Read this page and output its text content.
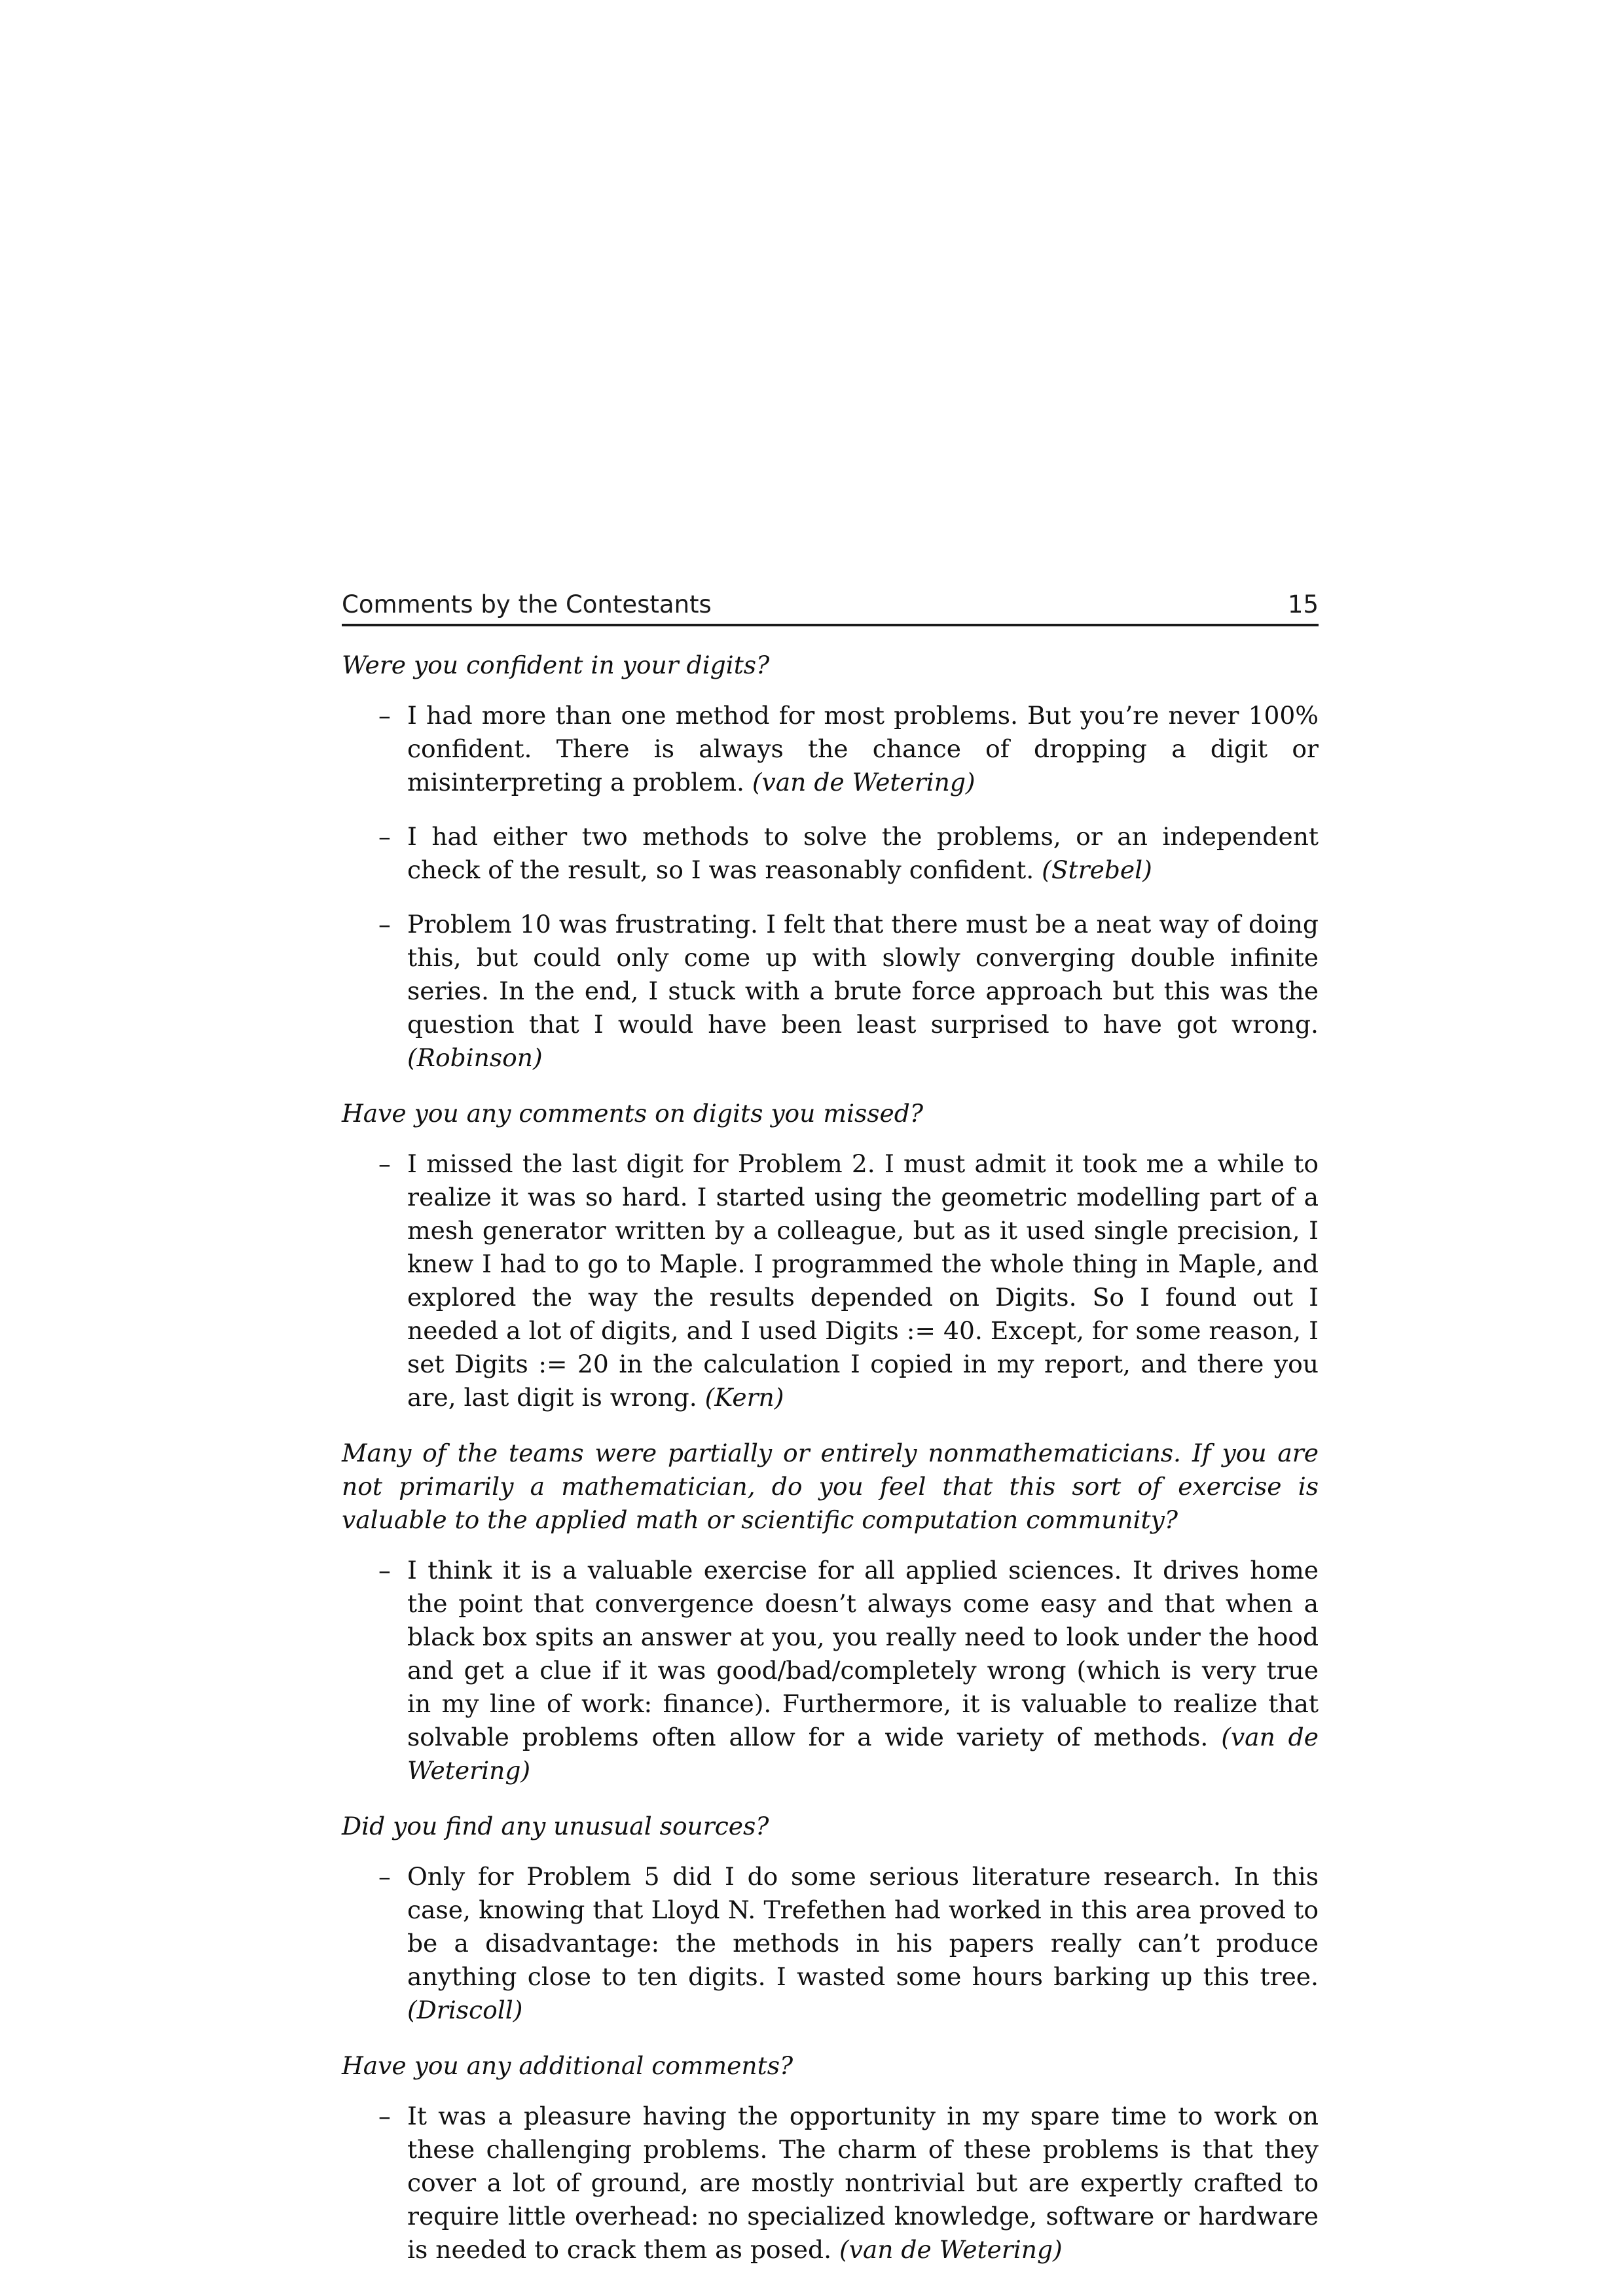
Comments by the Contestants	15

Were you confident in your digits?

– I had more than one method for most problems. But you’re never 100% confident. There is always the chance of dropping a digit or misinterpreting a problem. (van de Wetering)
– I had either two methods to solve the problems, or an independent check of the result, so I was reasonably confident. (Strebel)
– Problem 10 was frustrating. I felt that there must be a neat way of doing this, but could only come up with slowly converging double infinite series. In the end, I stuck with a brute force approach but this was the question that I would have been least surprised to have got wrong. (Robinson)

Have you any comments on digits you missed?

– I missed the last digit for Problem 2. I must admit it took me a while to realize it was so hard. I started using the geometric modelling part of a mesh generator written by a colleague, but as it used single precision, I knew I had to go to Maple. I programmed the whole thing in Maple, and explored the way the results depended on Digits. So I found out I needed a lot of digits, and I used Digits := 40. Except, for some reason, I set Digits := 20 in the calculation I copied in my report, and there you are, last digit is wrong. (Kern)

Many of the teams were partially or entirely nonmathematicians. If you are not primarily a mathematician, do you feel that this sort of exercise is valuable to the applied math or scientific computation community?

– I think it is a valuable exercise for all applied sciences. It drives home the point that convergence doesn’t always come easy and that when a black box spits an answer at you, you really need to look under the hood and get a clue if it was good/bad/completely wrong (which is very true in my line of work: finance). Furthermore, it is valuable to realize that solvable problems often allow for a wide variety of methods. (van de Wetering)

Did you find any unusual sources?

– Only for Problem 5 did I do some serious literature research. In this case, knowing that Lloyd N. Trefethen had worked in this area proved to be a disadvantage: the methods in his papers really can’t produce anything close to ten digits. I wasted some hours barking up this tree. (Driscoll)

Have you any additional comments?

– It was a pleasure having the opportunity in my spare time to work on these challenging problems. The charm of these problems is that they cover a lot of ground, are mostly nontrivial but are expertly crafted to require little overhead: no specialized knowledge, software or hardware is needed to crack them as posed. (van de Wetering)
